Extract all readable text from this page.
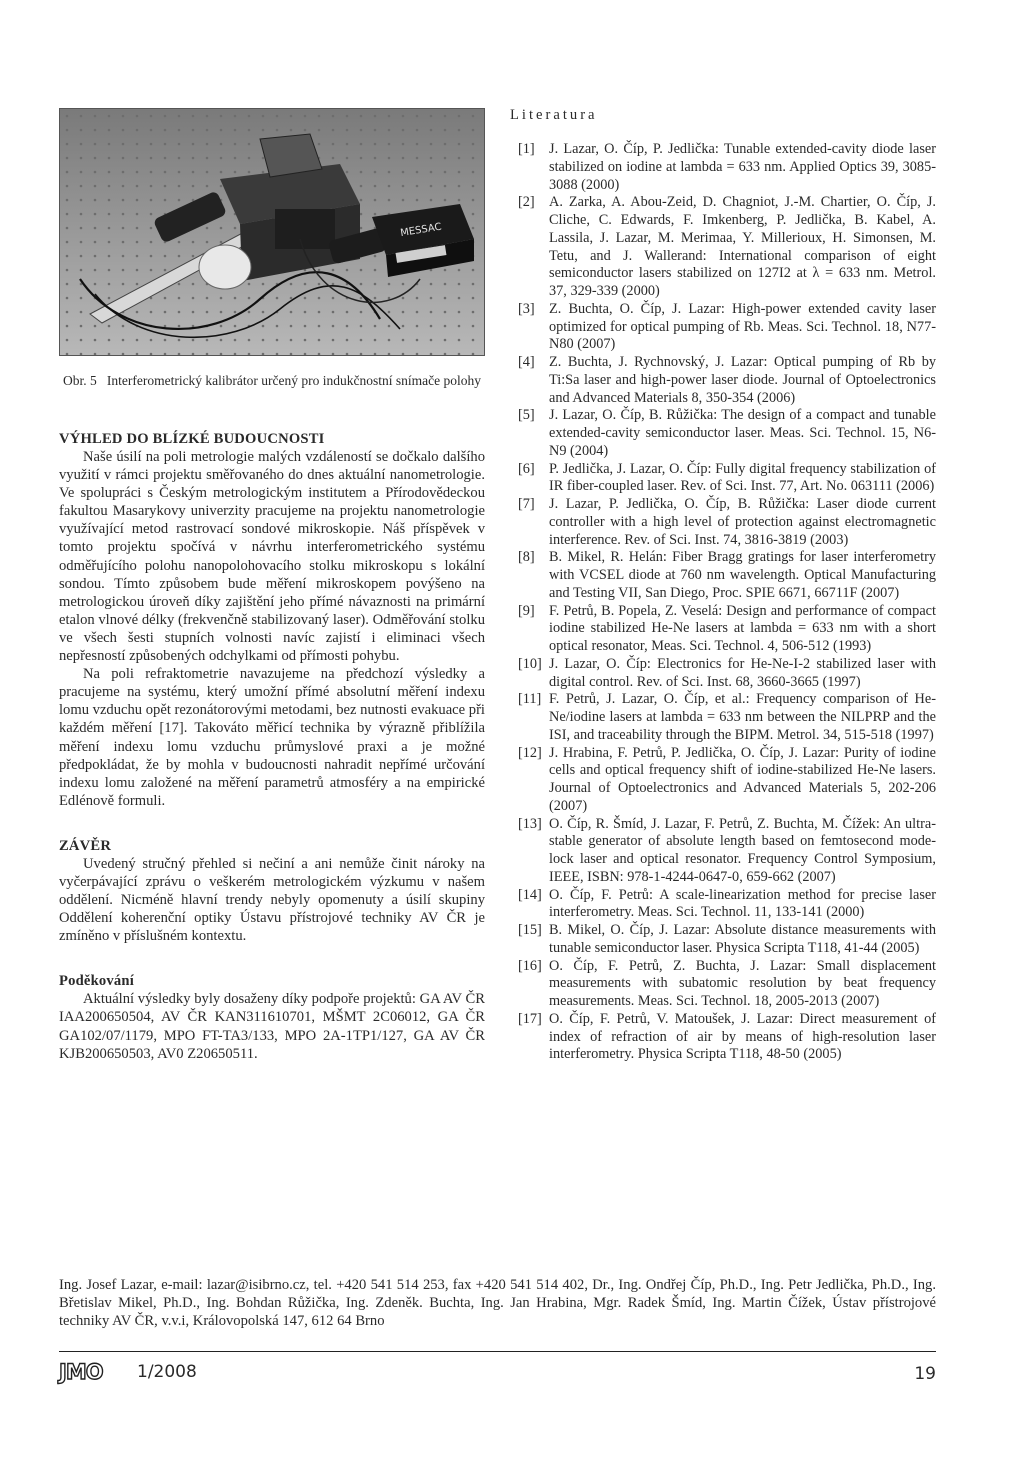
MESSAC
Obr. 5 Interferometrický kalibrátor určený pro indukčnostní snímače polohy

VÝHLED DO BLÍZKÉ BUDOUCNOSTI

Naše úsilí na poli metrologie malých vzdáleností se dočkalo dalšího využití v rámci projektu směřovaného do dnes aktuální nanometrologie. Ve spolupráci s Českým metrologickým institutem a Přírodovědeckou fakultou Masarykovy univerzity pracujeme na projektu nanometrologie využívající metod rastrovací sondové mikroskopie. Náš příspěvek v tomto projektu spočívá v návrhu interferometrického systému odměřujícího polohu nanopolohovacího stolku mikroskopu s lokální sondou. Tímto způsobem bude měření mikroskopem povýšeno na metrologickou úroveň díky zajištění jeho přímé návaznosti na primární etalon vlnové délky (frekvenčně stabilizovaný laser). Odměřování stolku ve všech šesti stupních volnosti navíc zajistí i eliminaci všech nepřesností způsobených odchylkami od přímosti pohybu.

Na poli refraktometrie navazujeme na předchozí výsledky a pracujeme na systému, který umožní přímé absolutní měření indexu lomu vzduchu opět rezonátorovými metodami, bez nutnosti evakuace při každém měření [17]. Takováto měřicí technika by výrazně přiblížila měření indexu lomu vzduchu průmyslové praxi a je možné předpokládat, že by mohla v budoucnosti nahradit nepřímé určování indexu lomu založené na měření parametrů atmosféry a na empirické Edlénově formuli.

ZÁVĚR

Uvedený stručný přehled si nečiní a ani nemůže činit nároky na vyčerpávající zprávu o veškerém metrologickém výzkumu v našem oddělení. Nicméně hlavní trendy nebyly opomenuty a úsilí skupiny Oddělení koherenční optiky Ústavu přístrojové techniky AV ČR je zmíněno v příslušném kontextu.

Poděkování

Aktuální výsledky byly dosaženy díky podpoře projektů: GA AV ČR IAA200650504, AV ČR KAN311610701, MŠMT 2C06012, GA ČR GA102/07/1179, MPO FT-TA3/133, MPO 2A-1TP1/127, GA AV ČR KJB200650503, AV0 Z20650511.

Literatura

[1]	J. Lazar, O. Číp, P. Jedlička: Tunable extended-cavity diode laser stabilized on iodine at lambda = 633 nm. Applied Optics 39, 3085-3088 (2000)
[2]	A. Zarka, A. Abou-Zeid, D. Chagniot, J.-M. Chartier, O. Číp, J. Cliche, C. Edwards, F. Imkenberg, P. Jedlička, B. Kabel, A. Lassila, J. Lazar, M. Merimaa, Y. Millerioux, H. Simonsen, M. Tetu, and J. Wallerand: International comparison of eight semiconductor lasers stabilized on 127I2 at λ = 633 nm. Metrol. 37, 329-339 (2000)
[3]	Z. Buchta, O. Číp, J. Lazar: High-power extended cavity laser optimized for optical pumping of Rb. Meas. Sci. Technol. 18, N77-N80 (2007)
[4]	Z. Buchta, J. Rychnovský, J. Lazar: Optical pumping of Rb by Ti:Sa laser and high-power laser diode. Journal of Optoelectronics and Advanced Materials 8, 350-354 (2006)
[5]	J. Lazar, O. Číp, B. Růžička: The design of a compact and tunable extended-cavity semiconductor laser. Meas. Sci. Technol. 15, N6-N9 (2004)
[6]	P. Jedlička, J. Lazar, O. Číp: Fully digital frequency stabilization of IR fiber-coupled laser. Rev. of Sci. Inst. 77, Art. No. 063111 (2006)
[7]	J. Lazar, P. Jedlička, O. Číp, B. Růžička: Laser diode current controller with a high level of protection against electromagnetic interference. Rev. of Sci. Inst. 74, 3816-3819 (2003)
[8]	B. Mikel, R. Helán: Fiber Bragg gratings for laser interferometry with VCSEL diode at 760 nm wavelength. Optical Manufacturing and Testing VII, San Diego, Proc. SPIE 6671, 66711F (2007)
[9]	F. Petrů, B. Popela, Z. Veselá: Design and performance of compact iodine stabilized He-Ne lasers at lambda = 633 nm with a short optical resonator, Meas. Sci. Technol. 4, 506-512 (1993)
[10] J. Lazar, O. Číp: Electronics for He-Ne-I-2 stabilized laser with digital control. Rev. of Sci. Inst. 68, 3660-3665 (1997)
[11] F. Petrů, J. Lazar, O. Číp, et al.: Frequency comparison of He-Ne/iodine lasers at lambda = 633 nm between the NILPRP and the ISI, and traceability through the BIPM. Metrol. 34, 515-518 (1997)
[12] J. Hrabina, F. Petrů, P. Jedlička, O. Číp, J. Lazar: Purity of iodine cells and optical frequency shift of iodine-stabilized He-Ne lasers. Journal of Optoelectronics and Advanced Materials 5, 202-206 (2007)
[13] O. Číp, R. Šmíd, J. Lazar, F. Petrů, Z. Buchta, M. Čížek: An ultra-stable generator of absolute length based on femtosecond mode-lock laser and optical resonator. Frequency Control Symposium, IEEE, ISBN: 978-1-4244-0647-0, 659-662 (2007)
[14] O. Číp, F. Petrů: A scale-linearization method for precise laser interferometry. Meas. Sci. Technol. 11, 133-141 (2000)
[15] B. Mikel, O. Číp, J. Lazar: Absolute distance measurements with tunable semiconductor laser. Physica Scripta T118, 41-44 (2005)
[16] O. Číp, F. Petrů, Z. Buchta, J. Lazar: Small displacement measurements with subatomic resolution by beat frequency measurements. Meas. Sci. Technol. 18, 2005-2013 (2007)
[17] O. Číp, F. Petrů, V. Matoušek, J. Lazar: Direct measurement of index of refraction of air by means of high-resolution laser interferometry. Physica Scripta T118, 48-50 (2005)
Ing. Josef Lazar, e-mail: lazar@isibrno.cz, tel. +420 541 514 253, fax +420 541 514 402, Dr., Ing. Ondřej Číp, Ph.D., Ing. Petr Jedlička, Ph.D., Ing. Břetislav Mikel, Ph.D., Ing. Bohdan Růžička, Ing. Zdeněk. Buchta, Ing. Jan Hrabina, Mgr. Radek Šmíd, Ing. Martin Čížek, Ústav přístrojové techniky AV ČR, v.v.i, Královopolská 147, 612 64 Brno
JMO 1/2008	19
